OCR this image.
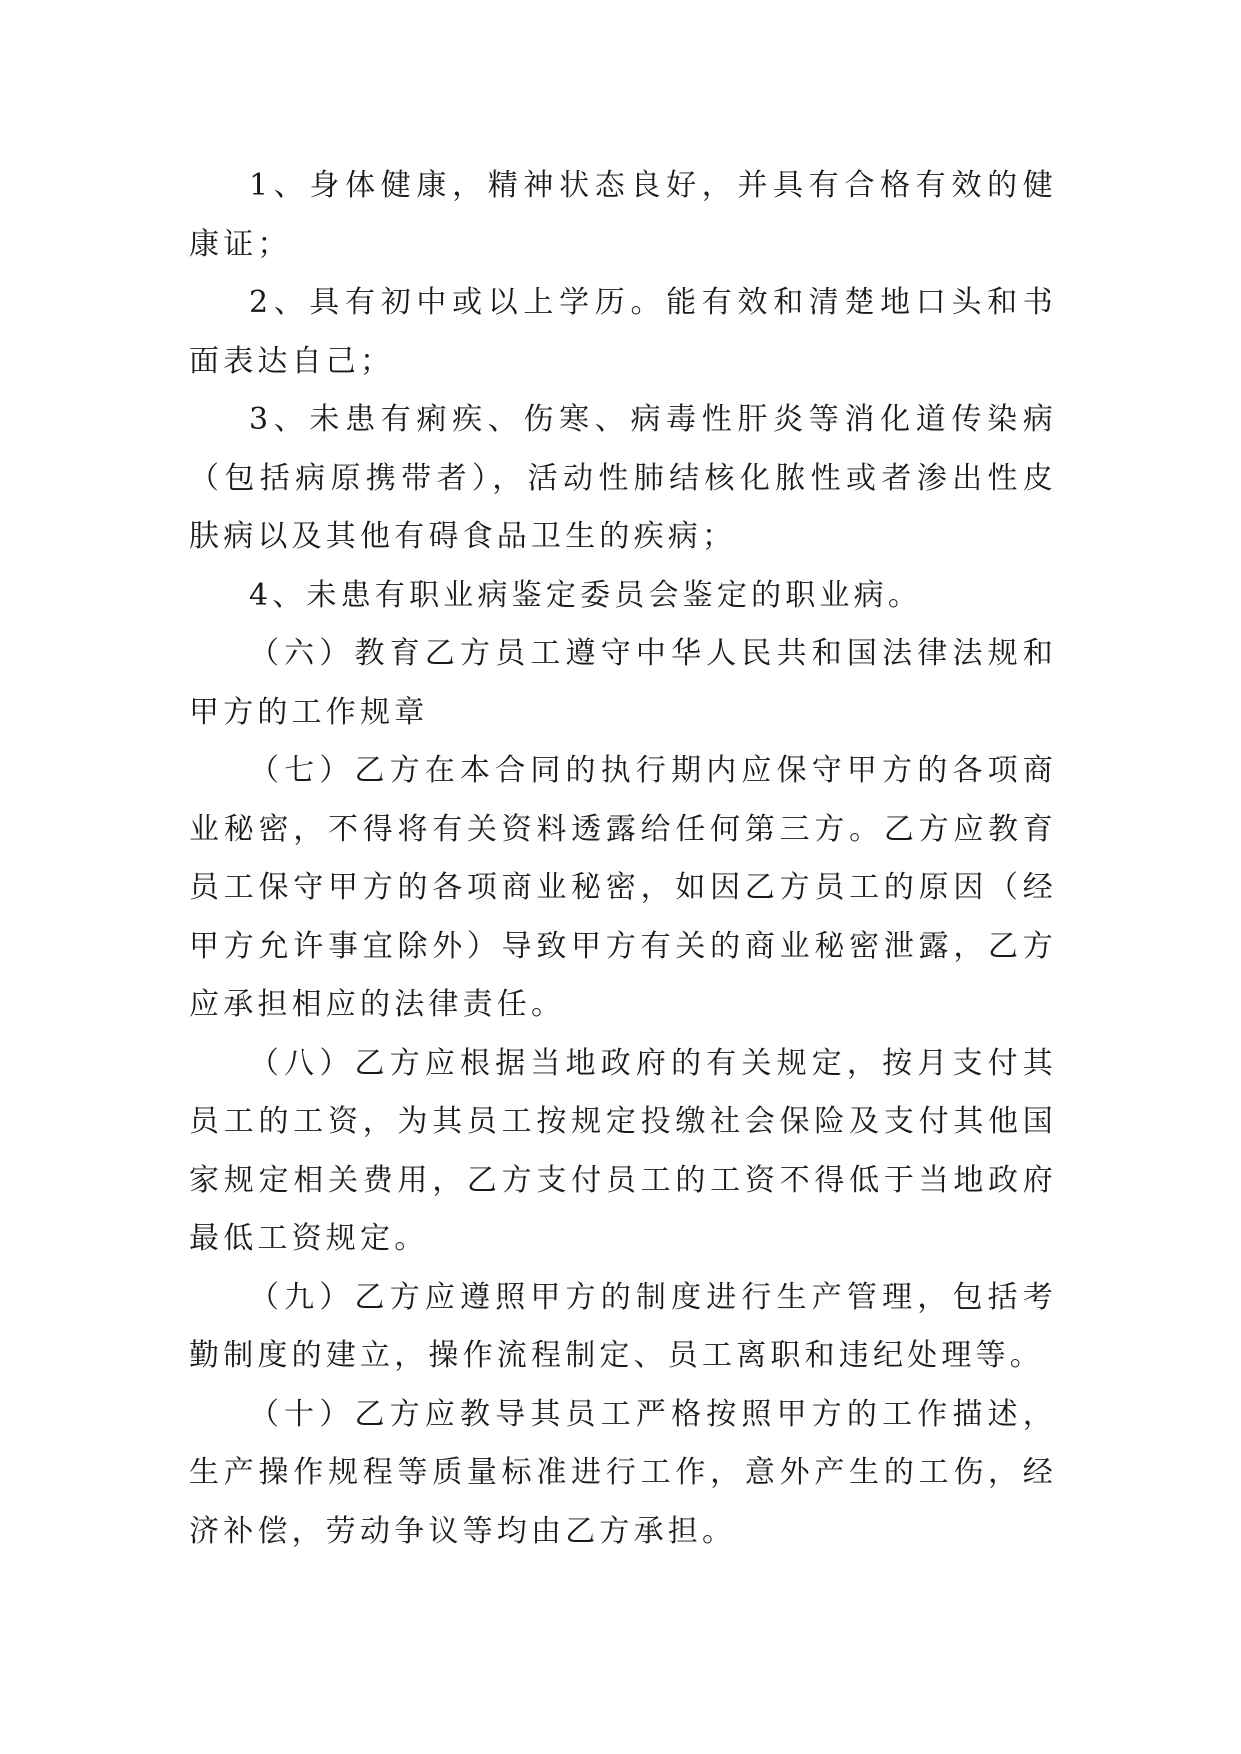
1、身体健康，精神状态良好，并具有合格有效的健康证；

2、具有初中或以上学历。能有效和清楚地口头和书面表达自己；

3、未患有痢疾、伤寒、病毒性肝炎等消化道传染病（包括病原携带者），活动性肺结核化脓性或者渗出性皮肤病以及其他有碍食品卫生的疾病；

4、未患有职业病鉴定委员会鉴定的职业病。

（六）教育乙方员工遵守中华人民共和国法律法规和甲方的工作规章

（七）乙方在本合同的执行期内应保守甲方的各项商业秘密，不得将有关资料透露给任何第三方。乙方应教育员工保守甲方的各项商业秘密，如因乙方员工的原因（经甲方允许事宜除外）导致甲方有关的商业秘密泄露，乙方应承担相应的法律责任。

（八）乙方应根据当地政府的有关规定，按月支付其员工的工资，为其员工按规定投缴社会保险及支付其他国家规定相关费用，乙方支付员工的工资不得低于当地政府最低工资规定。

（九）乙方应遵照甲方的制度进行生产管理，包括考勤制度的建立，操作流程制定、员工离职和违纪处理等。

（十）乙方应教导其员工严格按照甲方的工作描述，生产操作规程等质量标准进行工作，意外产生的工伤，经济补偿，劳动争议等均由乙方承担。
